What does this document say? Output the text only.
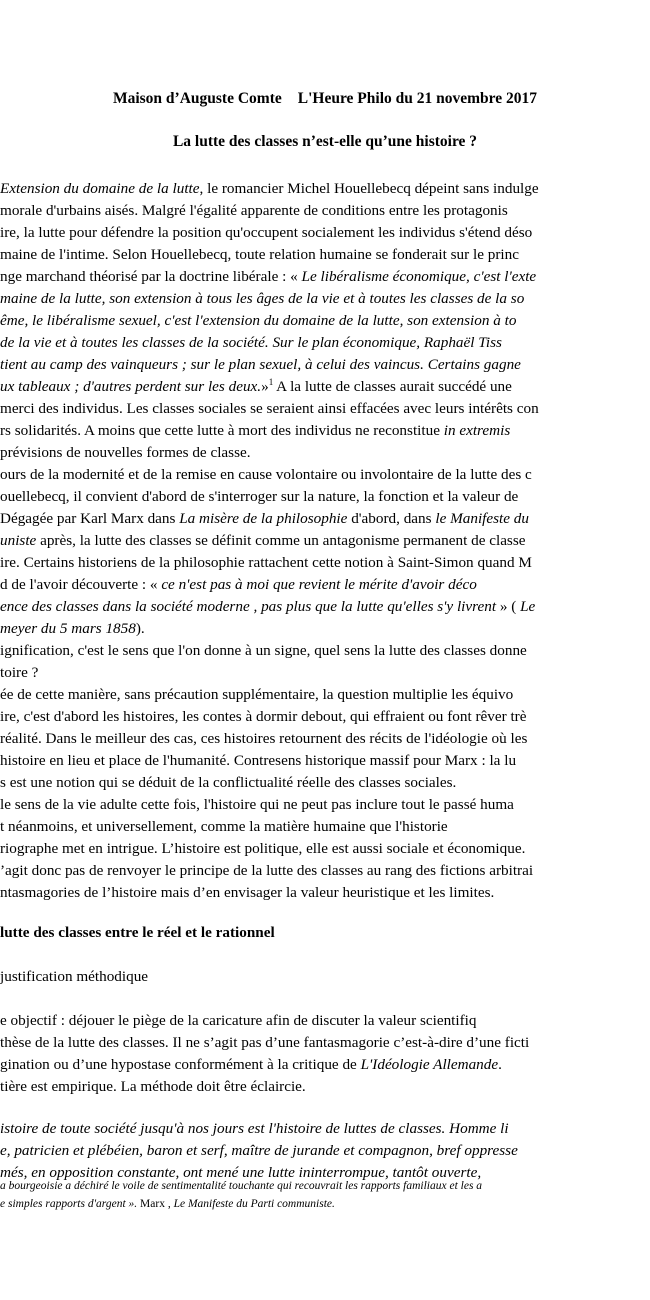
Maison d’Auguste Comte L'Heure Philo du 21 novembre 2017
La lutte des classes n’est-elle qu’une histoire ?
Extension du domaine de la lutte, le romancier Michel Houellebecq dépeint sans indulge
morale d'urbains aisés. Malgré l'égalité apparente de conditions entre les protagonis
ire, la lutte pour défendre la position qu'occupent socialement les individus s'étend déso
maine de l'intime. Selon Houellebecq, toute relation humaine se fonderait sur le princ
nge marchand théorisé par la doctrine libérale : « Le libéralisme économique, c'est l'exte
maine de la lutte, son extension à tous les âges de la vie et à toutes les classes de la so
ême, le libéralisme sexuel, c'est l'extension du domaine de la lutte, son extension à to
de la vie et à toutes les classes de la société. Sur le plan économique, Raphaël Tiss
tient au camp des vainqueurs ; sur le plan sexuel, à celui des vaincus. Certains gagne
ux tableaux ; d'autres perdent sur les deux.»$^1$ A la lutte de classes aurait succédé une
merci des individus. Les classes sociales se seraient ainsi effacées avec leurs intérêts con
rs solidarités. A moins que cette lutte à mort des individus ne reconstitue in extremis
prévisions de nouvelles formes de classe.
ours de la modernité et de la remise en cause volontaire ou involontaire de la lutte des c
ouellebecq, il convient d'abord de s'interroger sur la nature, la fonction et la valeur de
Dégagée par Karl Marx dans La misère de la philosophie d'abord, dans le Manifeste du
uniste après, la lutte des classes se définit comme un antagonisme permanent de classe
ire. Certains historiens de la philosophie rattachent cette notion à Saint-Simon quand M
d de l'avoir découverte : « ce n'est pas à moi que revient le mérite d'avoir déco
ence des classes dans la société moderne , pas plus que la lutte qu'elles s'y livrent » ( Le
meyer du 5 mars 1858).
ignification, c'est le sens que l'on donne à un signe, quel sens la lutte des classes donne
toire ?
ée de cette manière, sans précaution supplémentaire, la question multiplie les équivo
ire, c'est d'abord les histoires, les contes à dormir debout, qui effraient ou font rêver trè
réalité. Dans le meilleur des cas, ces histoires retournent des récits de l'idéologie où les
histoire en lieu et place de l'humanité. Contresens historique massif pour Marx : la lu
s est une notion qui se déduit de la conflictualité réelle des classes sociales.
le sens de la vie adulte cette fois, l'histoire qui ne peut pas inclure tout le passé huma
t néanmoins, et universellement, comme la matière humaine que l'historie
riographe met en intrigue. L’histoire est politique, elle est aussi sociale et économique.
’agit donc pas de renvoyer le principe de la lutte des classes au rang des fictions arbitrai
ntasmagories de l’histoire mais d’en envisager la valeur heuristique et les limites.
lutte des classes entre le réel et le rationnel
justification méthodique
e objectif : déjouer le piège de la caricature afin de discuter la valeur scientifiq
thèse de la lutte des classes. Il ne s’agit pas d’une fantasmagorie c’est-à-dire d’une ficti
gination ou d’une hypostase conformément à la critique de L'Idéologie Allemande.
tière est empirique. La méthode doit être éclaircie.
istoire de toute société jusqu'à nos jours est l'histoire de luttes de classes. Homme li
e, patricien et plébéien, baron et serf, maître de jurande et compagnon, bref oppresse
més, en opposition constante, ont mené une lutte ininterrompue, tantôt ouverte,
a bourgeoisie a déchiré le voile de sentimentalité touchante qui recouvrait les rapports familiaux et les a
e simples rapports d'argent ». Marx , Le Manifeste du Parti communiste.
